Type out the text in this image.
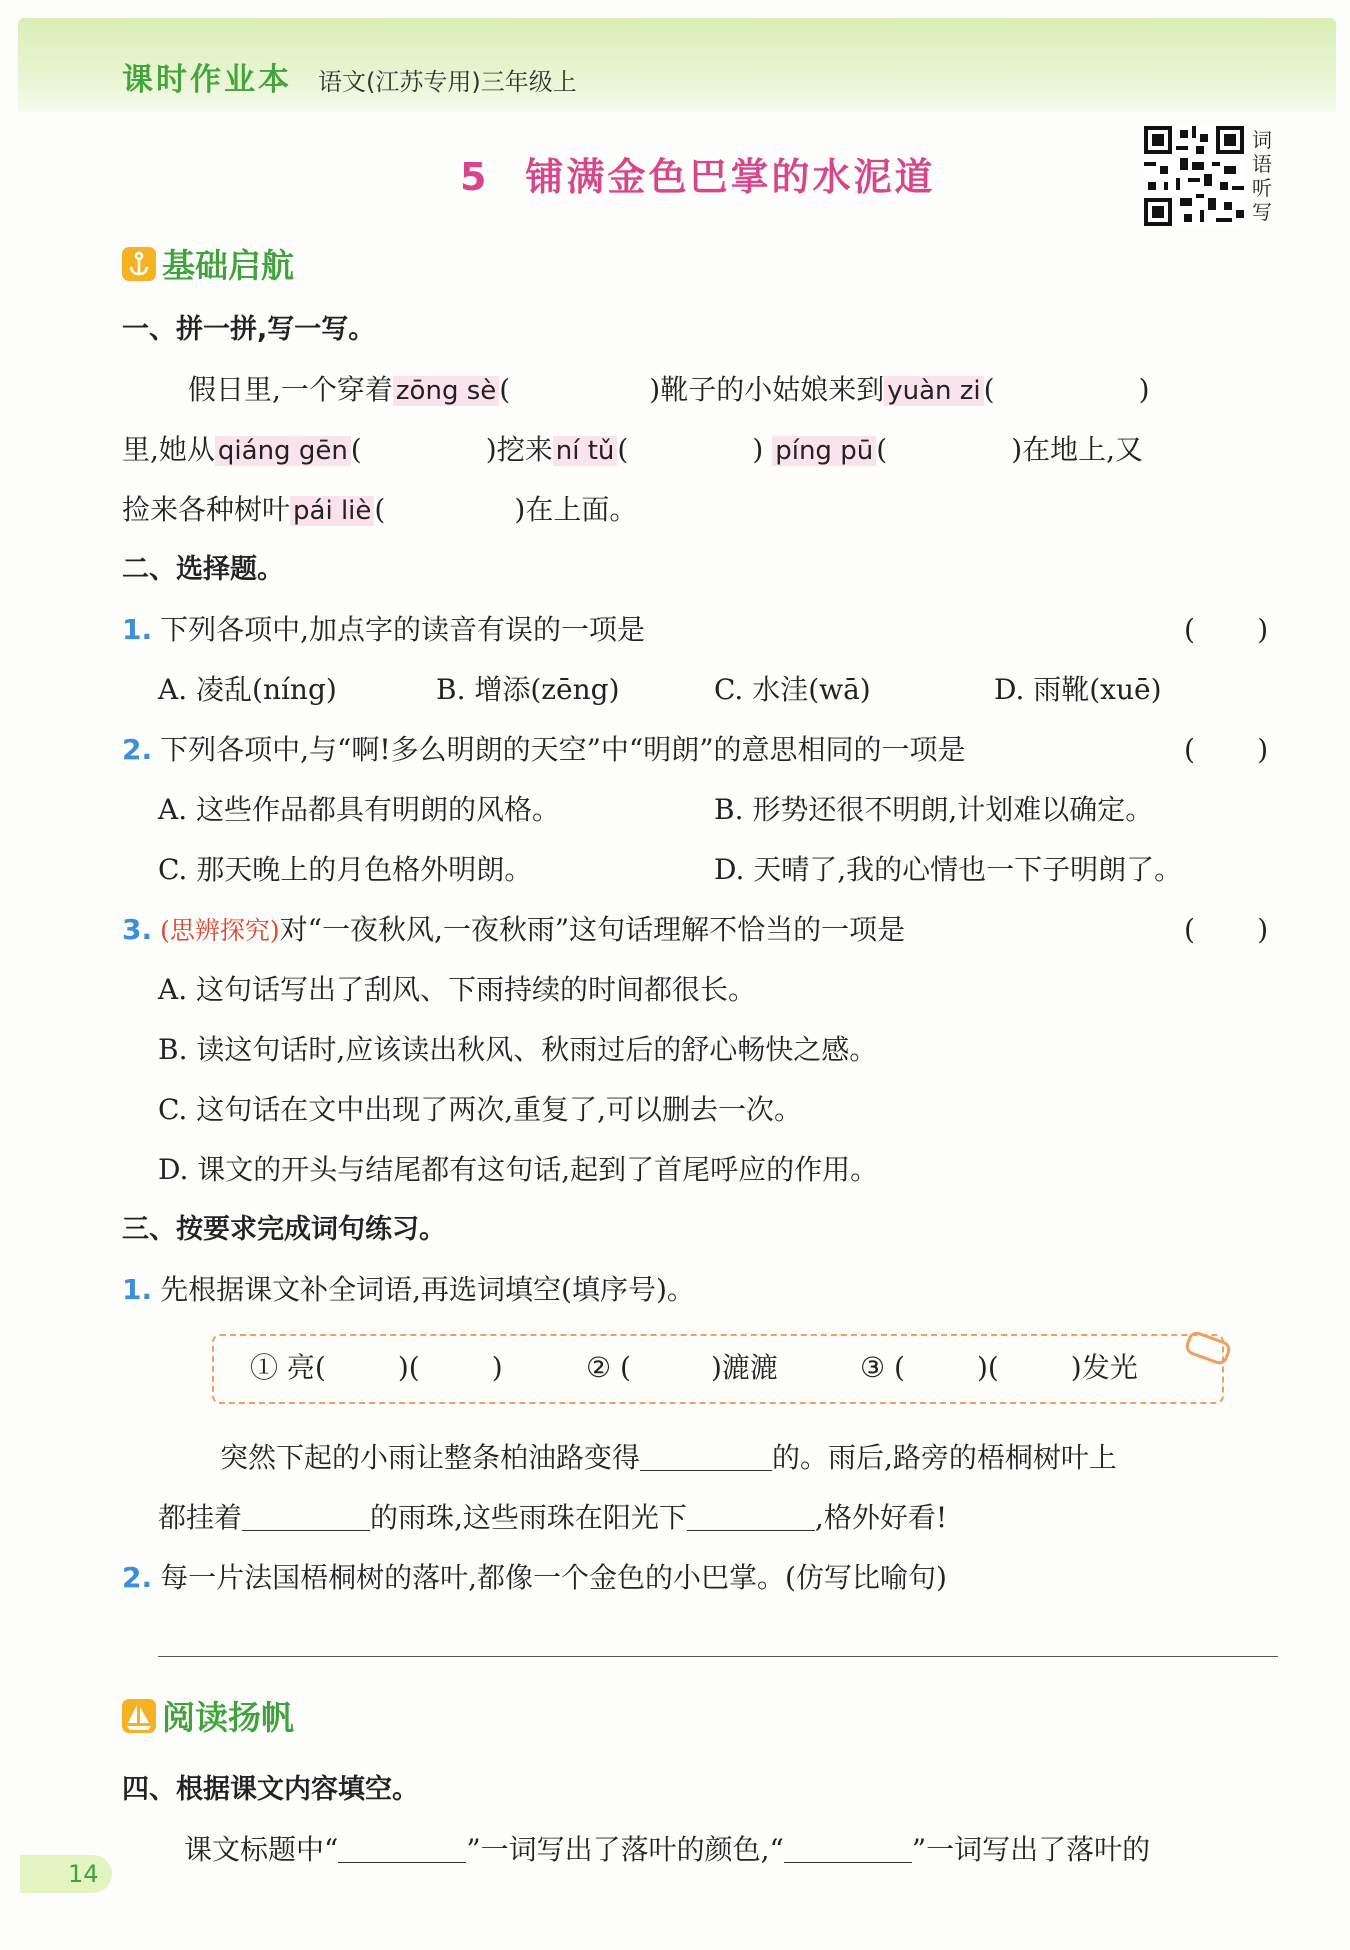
课时作业本 语文(江苏专用)三年级上
5 铺满金色巴掌的水泥道
词语听写
基础启航
一、拼一拼,写一写。
假日里,一个穿着 zōng sè (	)靴子的小姑娘来到 yuàn zi (	)
里,她从 qiáng gēn (	)挖来 ní tǔ (	) píng pū (	)在地上,又
捡来各种树叶 pái liè (	)在上面。
二、选择题。
1. 下列各项中,加点字的读音有误的一项是	(       )
A. 凌乱(níng)	B. 增添(zēng)	C. 水洼(wā)	D. 雨靴(xuē)
2. 下列各项中,与“啊!多么明朗的天空”中“明朗”的意思相同的一项是	(       )
A. 这些作品都具有明朗的风格。	B. 形势还很不明朗,计划难以确定。
C. 那天晚上的月色格外明朗。	D. 天晴了,我的心情也一下子明朗了。
3. (思辨探究)对“一夜秋风,一夜秋雨”这句话理解不恰当的一项是	(       )
A. 这句话写出了刮风、下雨持续的时间都很长。
B. 读这句话时,应该读出秋风、秋雨过后的舒心畅快之感。
C. 这句话在文中出现了两次,重复了,可以删去一次。
D. 课文的开头与结尾都有这句话,起到了首尾呼应的作用。
三、按要求完成词句练习。
1. 先根据课文补全词语,再选词填空(填序号)。
① 亮(	)(	)	② (	)漉漉	③ (	)(	)发光
突然下起的小雨让整条柏油路变得	的。雨后,路旁的梧桐树叶上
都挂着	的雨珠,这些雨珠在阳光下	,格外好看!
2. 每一片法国梧桐树的落叶,都像一个金色的小巴掌。(仿写比喻句)
阅读扬帆
四、根据课文内容填空。
课文标题中“	”一词写出了落叶的颜色,“	”一词写出了落叶的
14
